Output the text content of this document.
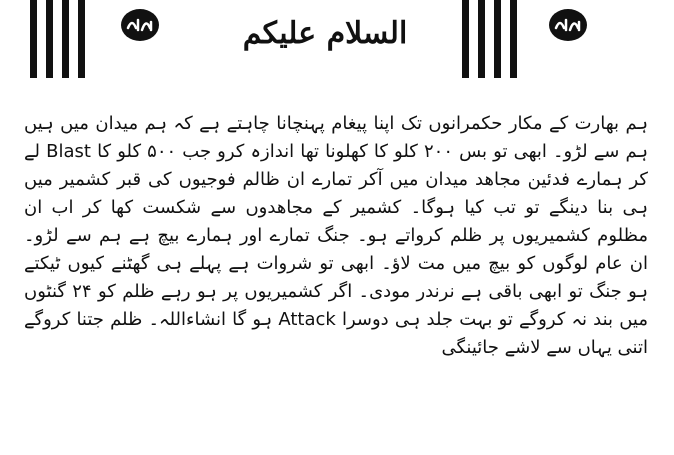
السلام علیکم

ہم بھارت کے مکار حکمرانوں تک اپنا پیغام پہنچانا چاہتے ہے کہ ہم میدان میں ہیں ہم سے لڑو۔ ابھی تو بس ۲۰۰ کلو کا کھلونا تھا اندازہ کرو جب ۵۰۰ کلو کا Blast لے کر ہمارے فدئین مجاھد میدان میں آکر تمارے ان ظالم فوجیوں کی قبر کشمیر میں ہی بنا دینگے تو تب کیا ہوگا۔ کشمیر کے مجاھدوں سے شکست کھا کر اب ان مظلوم کشمیریوں پر ظلم کرواتے ہو۔ جنگ تمارے اور ہمارے بیچ ہے ہم سے لڑو۔ ان عام لوگوں کو بیچ میں مت لاؤ۔ ابھی تو شروات ہے پہلے ہی گھٹنے کیوں ٹیکتے ہو جنگ تو ابھی باقی ہے نرندر مودی۔ اگر کشمیریوں پر ہو رہے ظلم کو ۲۴ گنٹوں میں بند نہ کروگے تو بہت جلد ہی دوسرا Attack ہو گا انشاءاللہ۔ ظلم جتنا کروگے اتنی یہاں سے لاشے جائینگی
